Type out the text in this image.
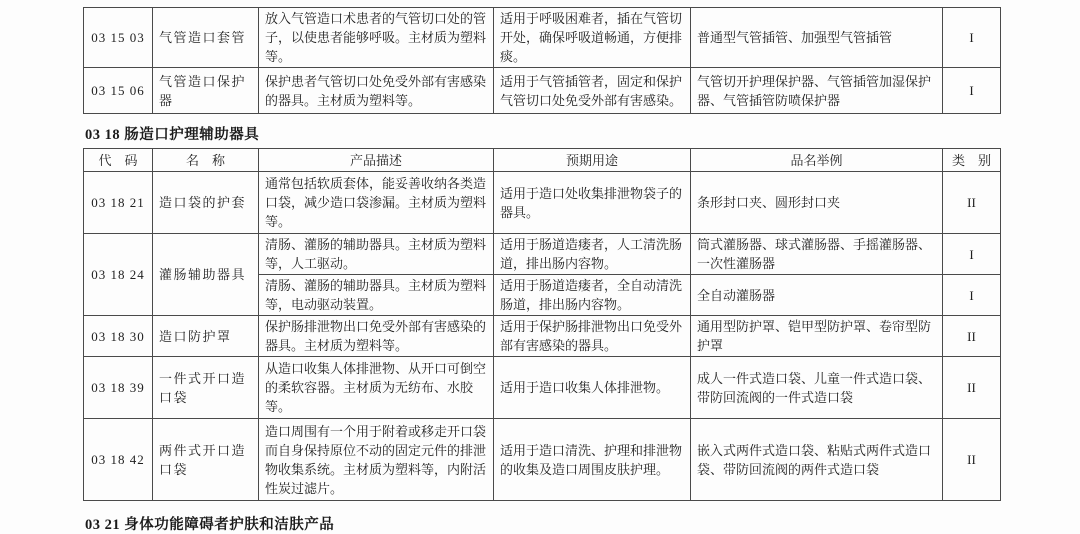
03 15 03	气管造口套管	放入气管造口术患者的气管切口处的管子，以使患者能够呼吸。主材质为塑料等。	适用于呼吸困难者，插在气管切开处，确保呼吸道畅通，方便排痰。	普通型气管插管、加强型气管插管	I
03 15 06	气管造口保护器	保护患者气管切口处免受外部有害感染的器具。主材质为塑料等。	适用于气管插管者，固定和保护气管切口处免受外部有害感染。	气管切开护理保护器、气管插管加湿保护器、气管插管防喷保护器	I
03 18 肠造口护理辅助器具
代　码	名　称	产品描述	预期用途	品名举例	类　别
03 18 21	造口袋的护套	通常包括软质套体，能妥善收纳各类造口袋，减少造口袋渗漏。主材质为塑料等。	适用于造口处收集排泄物袋子的器具。	条形封口夹、圆形封口夹	II
03 18 24	灌肠辅助器具	清肠、灌肠的辅助器具。主材质为塑料等，人工驱动。	适用于肠道造瘘者，人工清洗肠道，排出肠内容物。	筒式灌肠器、球式灌肠器、手摇灌肠器、一次性灌肠器	I
		清肠、灌肠的辅助器具。主材质为塑料等，电动驱动装置。	适用于肠道造瘘者，全自动清洗肠道，排出肠内容物。	全自动灌肠器	I
03 18 30	造口防护罩	保护肠排泄物出口免受外部有害感染的器具。主材质为塑料等。	适用于保护肠排泄物出口免受外部有害感染的器具。	通用型防护罩、铠甲型防护罩、卷帘型防护罩	II
03 18 39	一件式开口造口袋	从造口收集人体排泄物、从开口可倒空的柔软容器。主材质为无纺布、水胶等。	适用于造口收集人体排泄物。	成人一件式造口袋、儿童一件式造口袋、带防回流阀的一件式造口袋	II
03 18 42	两件式开口造口袋	造口周围有一个用于附着或移走开口袋而自身保持原位不动的固定元件的排泄物收集系统。主材质为塑料等，内附活性炭过滤片。	适用于造口清洗、护理和排泄物的收集及造口周围皮肤护理。	嵌入式两件式造口袋、粘贴式两件式造口袋、带防回流阀的两件式造口袋	II
03 21 身体功能障碍者护肤和洁肤产品
